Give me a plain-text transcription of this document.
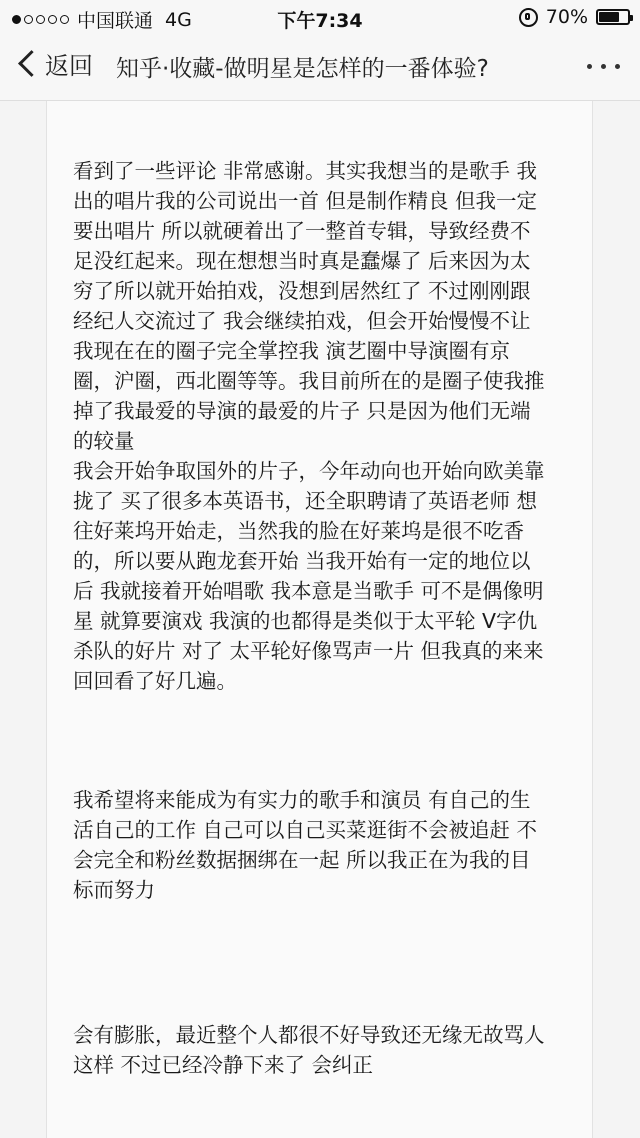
中国联通 4G	下午7:34	70%
返回 知乎·收藏-做明星是怎样的一番体验?
看到了一些评论 非常感谢。其实我想当的是歌手 我
出的唱片我的公司说出一首 但是制作精良 但我一定
要出唱片 所以就硬着出了一整首专辑，导致经费不
足没红起来。现在想想当时真是蠢爆了 后来因为太
穷了所以就开始拍戏，没想到居然红了 不过刚刚跟
经纪人交流过了 我会继续拍戏，但会开始慢慢不让
我现在在的圈子完全掌控我 演艺圈中导演圈有京
圈，沪圈，西北圈等等。我目前所在的是圈子使我推
掉了我最爱的导演的最爱的片子 只是因为他们无端
的较量
我会开始争取国外的片子，今年动向也开始向欧美靠
拢了 买了很多本英语书，还全职聘请了英语老师 想
往好莱坞开始走，当然我的脸在好莱坞是很不吃香
的，所以要从跑龙套开始 当我开始有一定的地位以
后 我就接着开始唱歌 我本意是当歌手 可不是偶像明
星 就算要演戏 我演的也都得是类似于太平轮 V字仇
杀队的好片 对了 太平轮好像骂声一片 但我真的来来
回回看了好几遍。
我希望将来能成为有实力的歌手和演员 有自己的生
活自己的工作 自己可以自己买菜逛街不会被追赶 不
会完全和粉丝数据捆绑在一起 所以我正在为我的目
标而努力
会有膨胀，最近整个人都很不好导致还无缘无故骂人
这样 不过已经冷静下来了 会纠正
